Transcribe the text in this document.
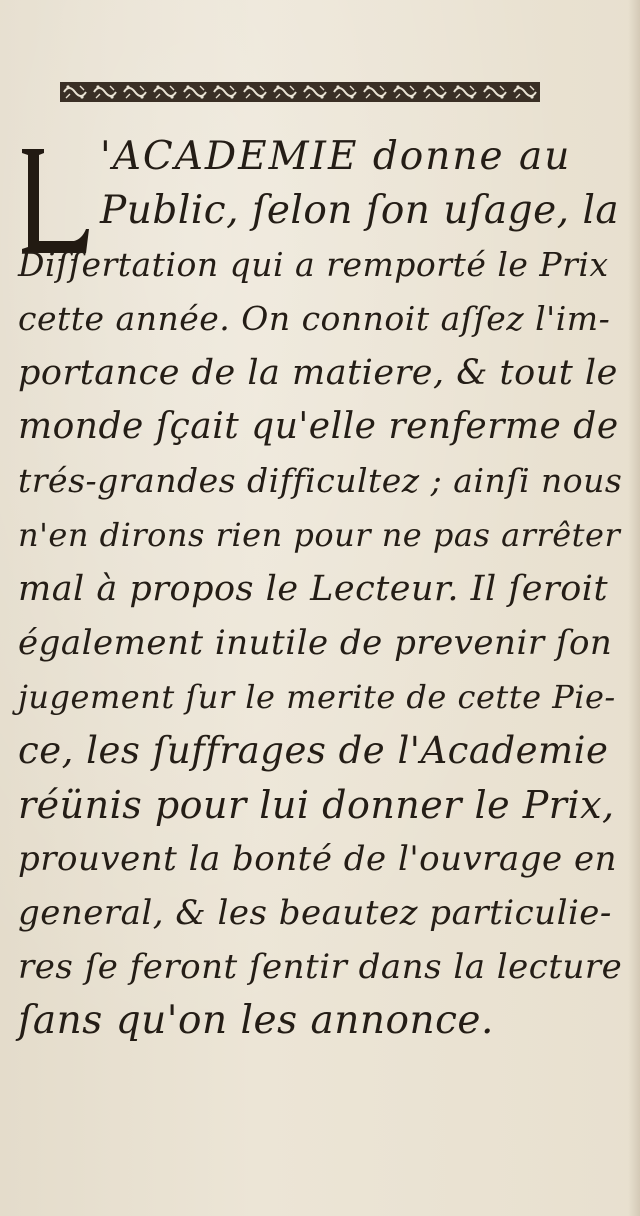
'ACADEMIE donne au
Public, ſelon ſon uſage, la
Diſſertation qui a remporté le Prix
cette année. On connoit aſſez l'im-
portance de la matiere, & tout le
monde ſçait qu'elle renferme de
trés-grandes difficultez ; ainſi nous
n'en dirons rien pour ne pas arrêter
mal à propos le Lecteur. Il ſeroit
également inutile de prevenir ſon
jugement ſur le merite de cette Pie-
ce, les ſuffrages de l'Academie
réünis pour lui donner le Prix,
prouvent la bonté de l'ouvrage en
general, & les beautez particulie-
res ſe feront ſentir dans la lecture
ſans qu'on les annonce.
